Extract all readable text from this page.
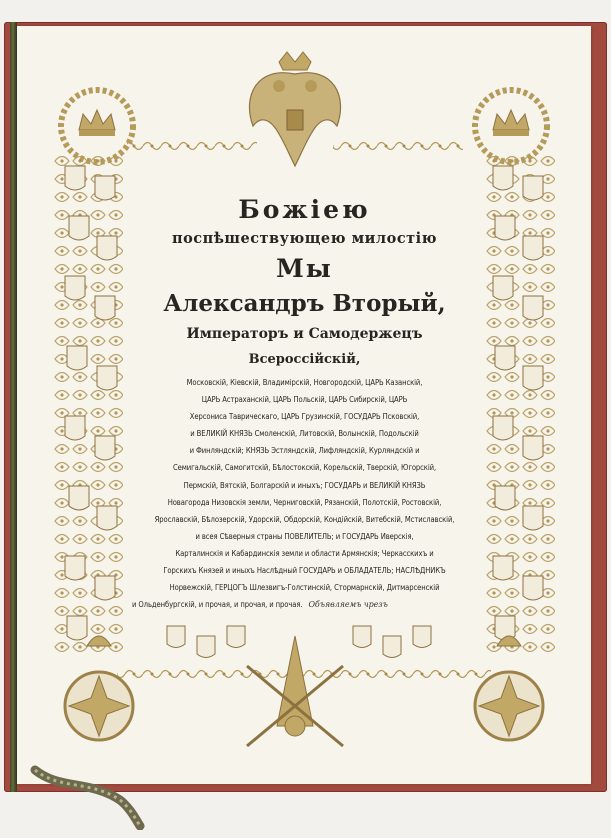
Божiею
поспѣшествующею милостiю
Мы
Александръ Вторый,
Императоръ и Самодержецъ
Всероссiйскiй,
Московскiй, Кiевскiй, Владимiрскiй, Новгородскiй, ЦАРЬ Казанскiй,
ЦАРЬ Астраханскiй, ЦАРЬ Польскiй, ЦАРЬ Сибирскiй, ЦАРЬ
Херсониса Таврическаго, ЦАРЬ Грузинскiй, ГОСУДАРЬ Псковскiй,
и ВЕЛИКIЙ КНЯЗЬ Смоленскiй, Литовскiй, Волынскiй, Подольскiй
и Финляндскiй; КНЯЗЬ Эстляндскiй, Лифляндскiй, Курляндскiй и
Семигальскiй, Самогитскiй, Бѣлостокскiй, Корельскiй, Тверскiй, Югорскiй,
Пермскiй, Вятскiй, Болгарскiй и иныхъ; ГОСУДАРЬ и ВЕЛИКIЙ КНЯЗЬ
Новагорода Низовскiя земли, Черниговскiй, Рязанскiй, Полотскiй, Ростовскiй,
Ярославскiй, Бѣлозерскiй, Удорскiй, Обдорскiй, Кондiйскiй, Витебскiй, Мстиславскiй,
и всея Сѣверныя страны ПОВЕЛИТЕЛЬ; и ГОСУДАРЬ Иверскiя,
Карталинскiя и Кабардинскiя земли и области Армянскiя; Черкасскихъ и
Горскихъ Князей и иныхъ Наслѣдный ГОСУДАРЬ и ОБЛАДАТЕЛЬ; НАСЛѢДНИКЪ
Норвежскiй, ГЕРЦОГЪ Шлезвигъ-Голстинскiй, Стормарнскiй, Дитмарсенскiй
и Ольденбургскiй, и прочая, и прочая, и прочая. Объявляемъ чрезъ
